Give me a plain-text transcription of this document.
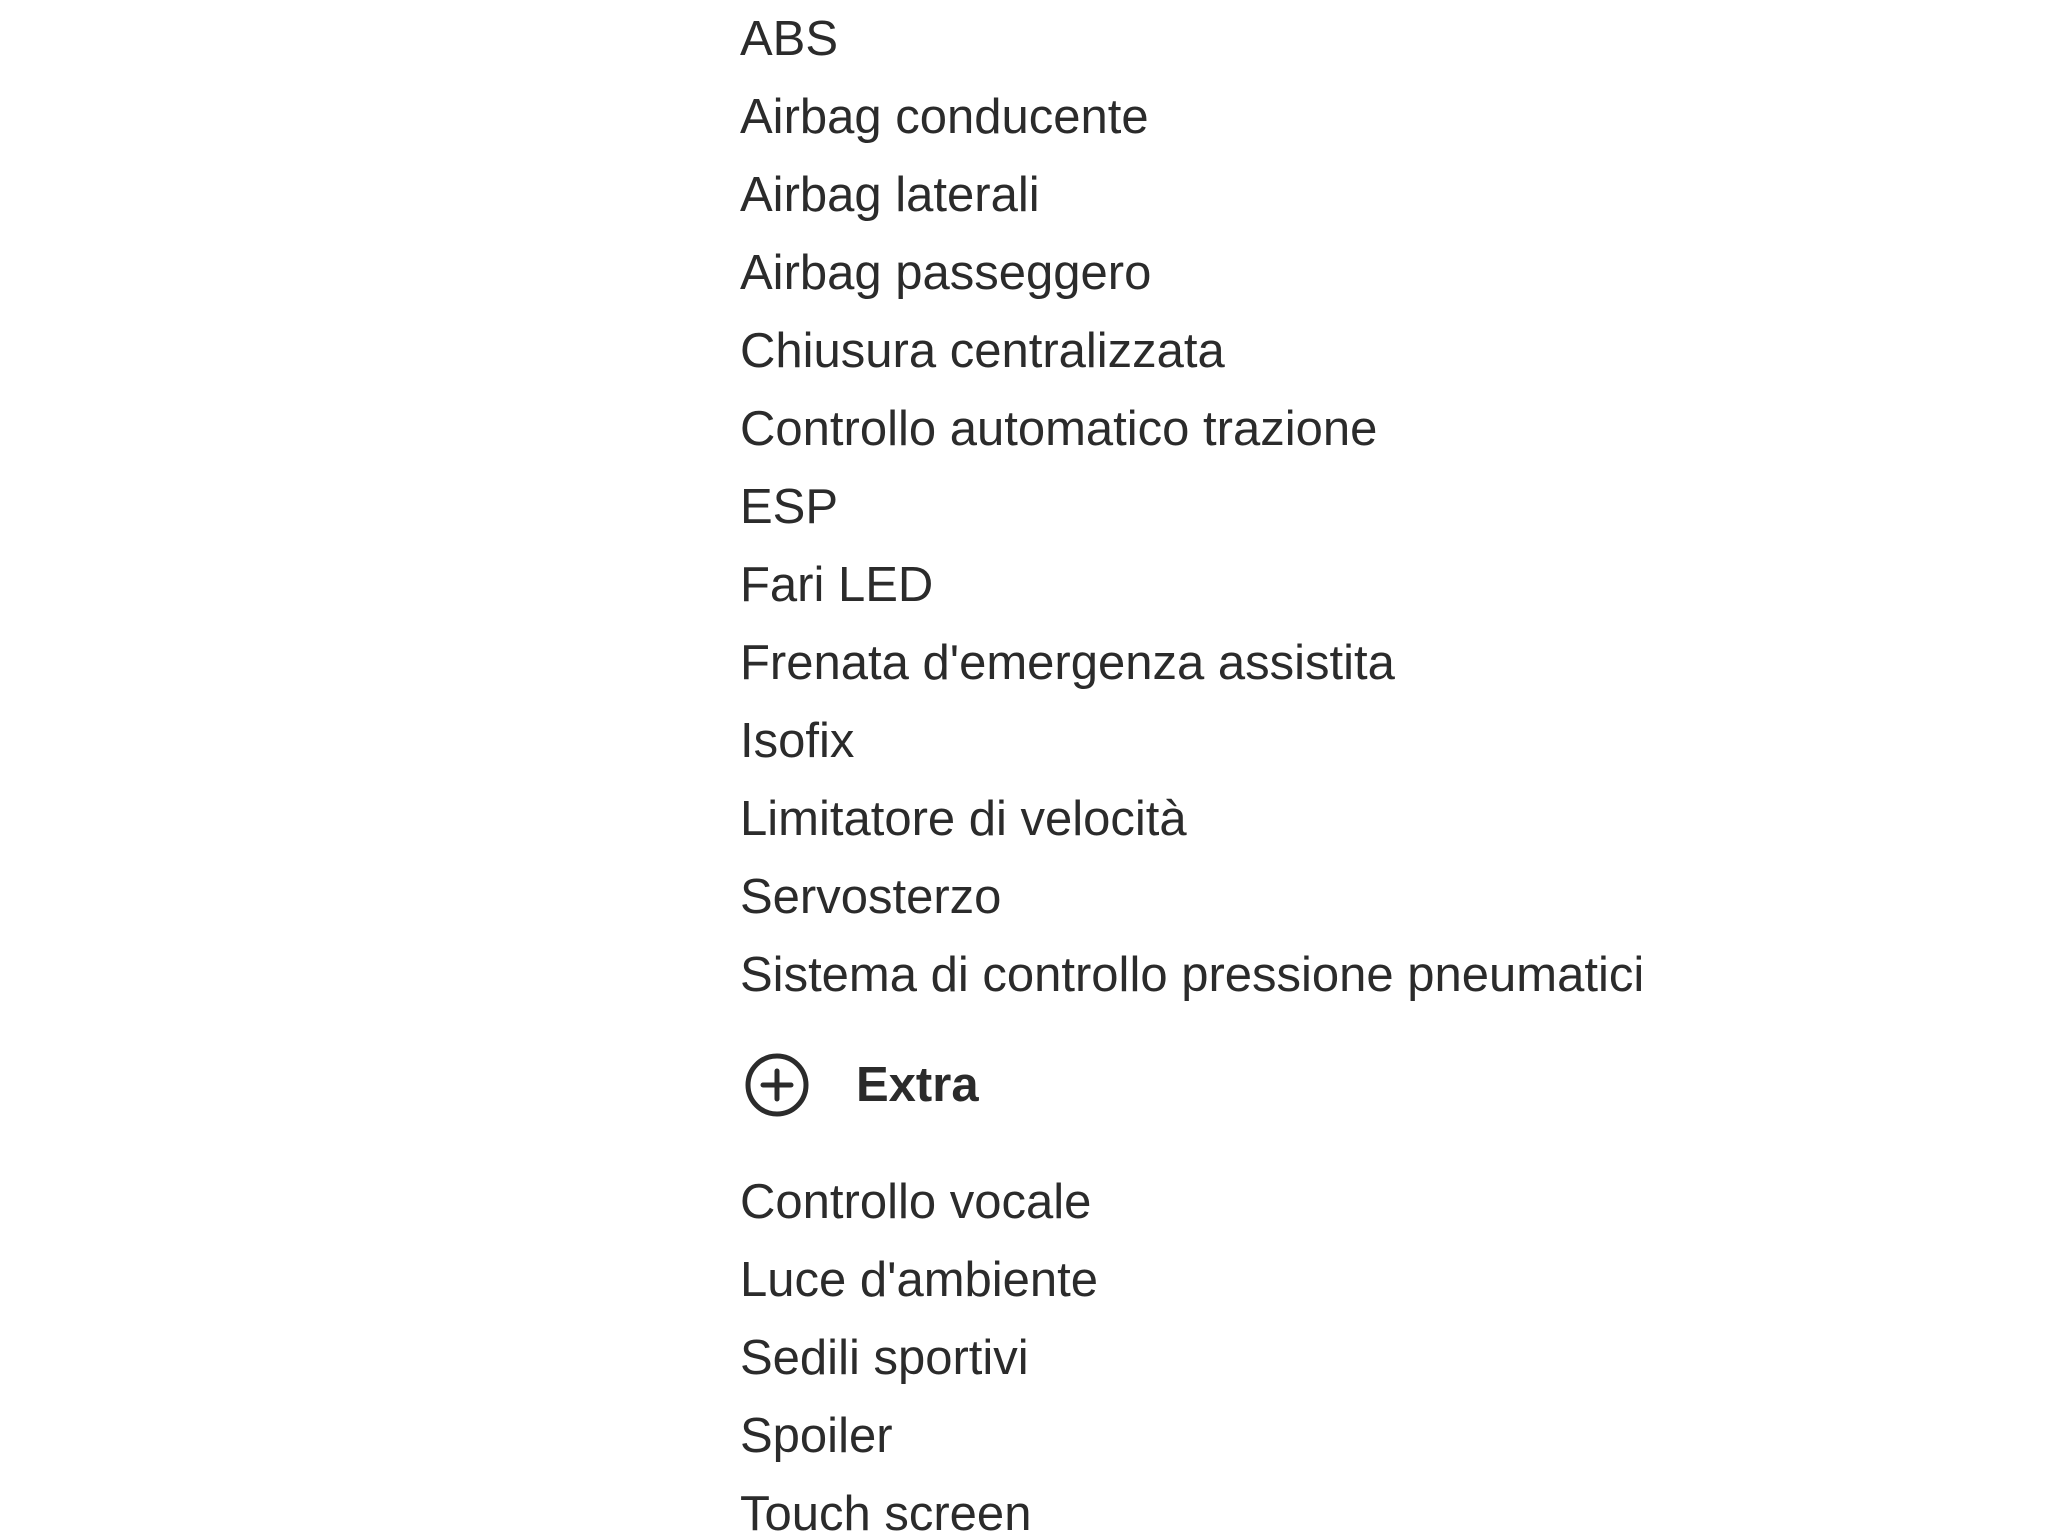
ABS
Airbag conducente
Airbag laterali
Airbag passeggero
Chiusura centralizzata
Controllo automatico trazione
ESP
Fari LED
Frenata d'emergenza assistita
Isofix
Limitatore di velocità
Servosterzo
Sistema di controllo pressione pneumatici
Extra
Controllo vocale
Luce d'ambiente
Sedili sportivi
Spoiler
Touch screen
